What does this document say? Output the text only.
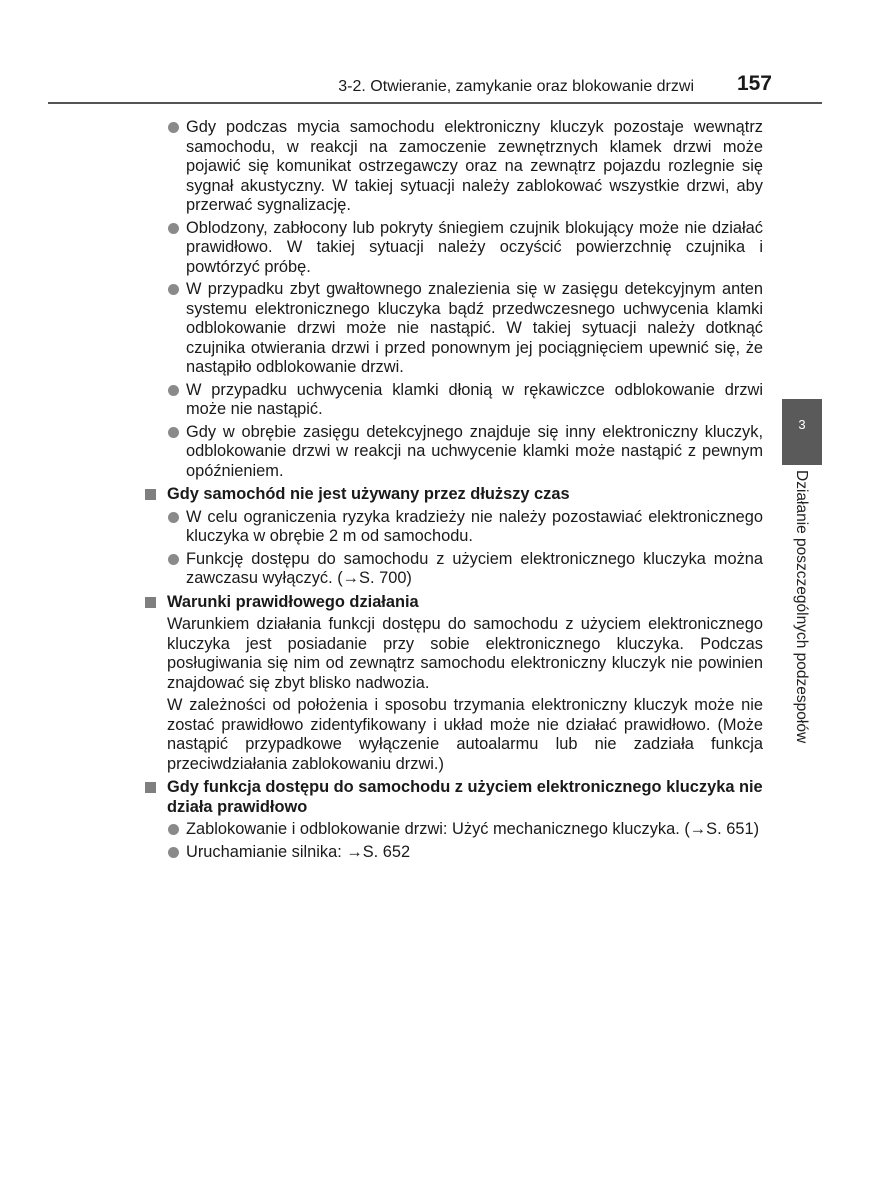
3-2. Otwieranie, zamykanie oraz blokowanie drzwi 157
Gdy podczas mycia samochodu elektroniczny kluczyk pozostaje wewnątrz samochodu, w reakcji na zamoczenie zewnętrznych klamek drzwi może pojawić się komunikat ostrzegawczy oraz na zewnątrz pojazdu rozlegnie się sygnał akustyczny. W takiej sytuacji należy zablokować wszystkie drzwi, aby przerwać sygnalizację.
Oblodzony, zabłocony lub pokryty śniegiem czujnik blokujący może nie działać prawidłowo. W takiej sytuacji należy oczyścić powierzchnię czujnika i powtórzyć próbę.
W przypadku zbyt gwałtownego znalezienia się w zasięgu detekcyjnym anten systemu elektronicznego kluczyka bądź przedwczesnego uchwycenia klamki odblokowanie drzwi może nie nastąpić. W takiej sytuacji należy dotknąć czujnika otwierania drzwi i przed ponownym jej pociągnięciem upewnić się, że nastąpiło odblokowanie drzwi.
W przypadku uchwycenia klamki dłonią w rękawiczce odblokowanie drzwi może nie nastąpić.
Gdy w obrębie zasięgu detekcyjnego znajduje się inny elektroniczny kluczyk, odblokowanie drzwi w reakcji na uchwycenie klamki może nastąpić z pewnym opóźnieniem.
Gdy samochód nie jest używany przez dłuższy czas
W celu ograniczenia ryzyka kradzieży nie należy pozostawiać elektronicznego kluczyka w obrębie 2 m od samochodu.
Funkcję dostępu do samochodu z użyciem elektronicznego kluczyka można zawczasu wyłączyć. (→S. 700)
Warunki prawidłowego działania
Warunkiem działania funkcji dostępu do samochodu z użyciem elektronicznego kluczyka jest posiadanie przy sobie elektronicznego kluczyka. Podczas posługiwania się nim od zewnątrz samochodu elektroniczny kluczyk nie powinien znajdować się zbyt blisko nadwozia.
W zależności od położenia i sposobu trzymania elektroniczny kluczyk może nie zostać prawidłowo zidentyfikowany i układ może nie działać prawidłowo. (Może nastąpić przypadkowe wyłączenie autoalarmu lub nie zadziała funkcja przeciwdziałania zablokowaniu drzwi.)
Gdy funkcja dostępu do samochodu z użyciem elektronicznego kluczyka nie działa prawidłowo
Zablokowanie i odblokowanie drzwi: Użyć mechanicznego kluczyka. (→S. 651)
Uruchamianie silnika: →S. 652
3
Działanie poszczególnych podzespołów
